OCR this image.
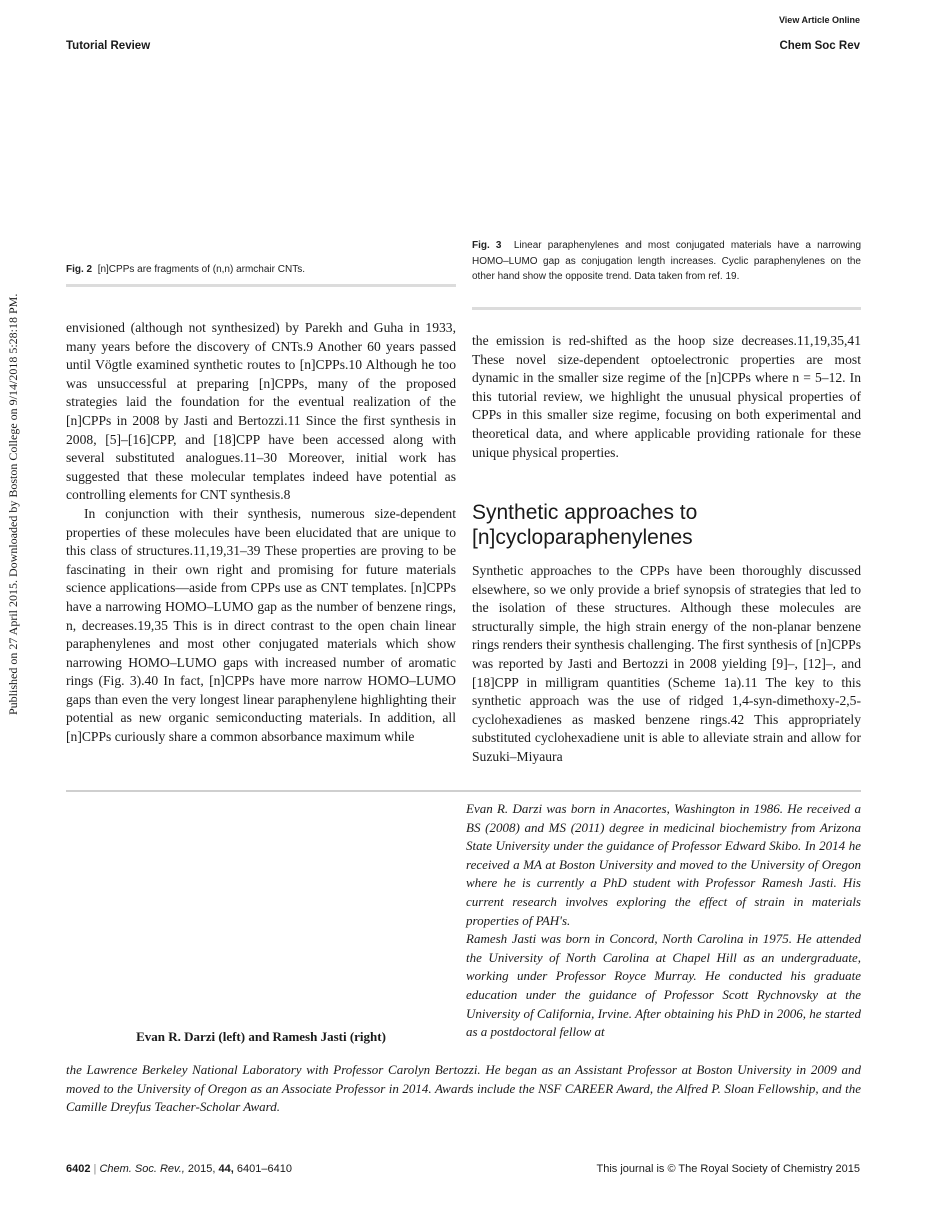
View Article Online
Tutorial Review	Chem Soc Rev
Published on 27 April 2015. Downloaded by Boston College on 9/14/2018 5:28:18 PM.
Fig. 2 [n]CPPs are fragments of (n,n) armchair CNTs.
Fig. 3 Linear paraphenylenes and most conjugated materials have a narrowing HOMO–LUMO gap as conjugation length increases. Cyclic paraphenylenes on the other hand show the opposite trend. Data taken from ref. 19.

envisioned (although not synthesized) by Parekh and Guha in 1933, many years before the discovery of CNTs.9 Another 60 years passed until Vögtle examined synthetic routes to [n]CPPs.10 Although he too was unsuccessful at preparing [n]CPPs, many of the proposed strategies laid the foundation for the eventual realization of the [n]CPPs in 2008 by Jasti and Bertozzi.11 Since the first synthesis in 2008, [5]–[16]CPP, and [18]CPP have been accessed along with several substituted analogues.11–30 Moreover, initial work has suggested that these molecular templates indeed have potential as controlling elements for CNT synthesis.8

In conjunction with their synthesis, numerous size-dependent properties of these molecules have been elucidated that are unique to this class of structures.11,19,31–39 These properties are proving to be fascinating in their own right and promising for future materials science applications—aside from CPPs use as CNT templates. [n]CPPs have a narrowing HOMO–LUMO gap as the number of benzene rings, n, decreases.19,35 This is in direct contrast to the open chain linear paraphenylenes and most other conjugated materials which show narrowing HOMO–LUMO gaps with increased number of aromatic rings (Fig. 3).40 In fact, [n]CPPs have more narrow HOMO–LUMO gaps than even the very longest linear paraphenylene highlighting their potential as new organic semiconducting materials. In addition, all [n]CPPs curiously share a common absorbance maximum while

the emission is red-shifted as the hoop size decreases.11,19,35,41 These novel size-dependent optoelectronic properties are most dynamic in the smaller size regime of the [n]CPPs where n = 5–12. In this tutorial review, we highlight the unusual physical properties of CPPs in this smaller size regime, focusing on both experimental and theoretical data, and where applicable providing rationale for these unique physical properties.

Synthetic approaches to [n]cycloparaphenylenes

Synthetic approaches to the CPPs have been thoroughly discussed elsewhere, so we only provide a brief synopsis of strategies that led to the isolation of these structures. Although these molecules are structurally simple, the high strain energy of the non-planar benzene rings renders their synthesis challenging. The first synthesis of [n]CPPs was reported by Jasti and Bertozzi in 2008 yielding [9]–, [12]–, and [18]CPP in milligram quantities (Scheme 1a).11 The key to this synthetic approach was the use of ridged 1,4-syn-dimethoxy-2,5-cyclohexadienes as masked benzene rings.42 This appropriately substituted cyclohexadiene unit is able to alleviate strain and allow for Suzuki–Miyaura

Evan R. Darzi was born in Anacortes, Washington in 1986. He received a BS (2008) and MS (2011) degree in medicinal biochemistry from Arizona State University under the guidance of Professor Edward Skibo. In 2014 he received a MA at Boston University and moved to the University of Oregon where he is currently a PhD student with Professor Ramesh Jasti. His current research involves exploring the effect of strain in materials properties of PAH's.

Ramesh Jasti was born in Concord, North Carolina in 1975. He attended the University of North Carolina at Chapel Hill as an undergraduate, working under Professor Royce Murray. He conducted his graduate education under the guidance of Professor Scott Rychnovsky at the University of California, Irvine. After obtaining his PhD in 2006, he started as a postdoctoral fellow at

Evan R. Darzi (left) and Ramesh Jasti (right)

the Lawrence Berkeley National Laboratory with Professor Carolyn Bertozzi. He began as an Assistant Professor at Boston University in 2009 and moved to the University of Oregon as an Associate Professor in 2014. Awards include the NSF CAREER Award, the Alfred P. Sloan Fellowship, and the Camille Dreyfus Teacher-Scholar Award.

6402 | Chem. Soc. Rev., 2015, 44, 6401–6410	This journal is © The Royal Society of Chemistry 2015
